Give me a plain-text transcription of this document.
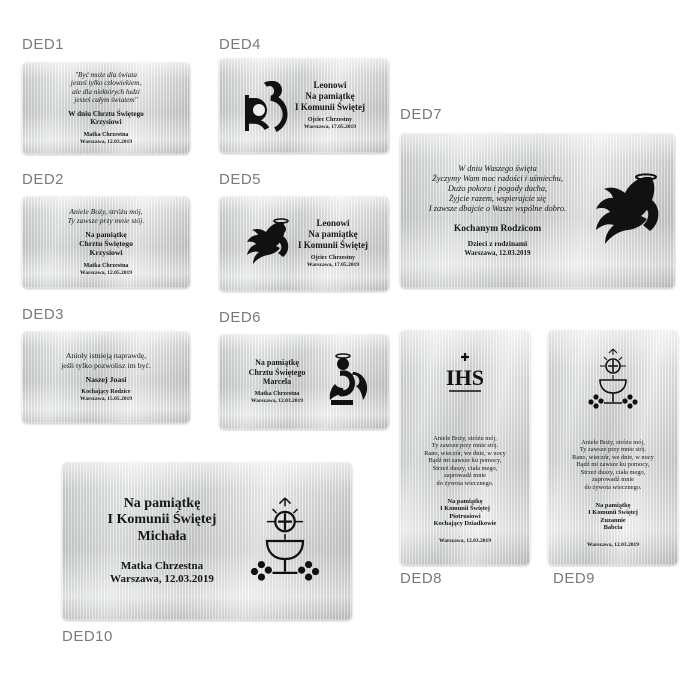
DED1
DED2
DED3
DED4
DED5
DED6
DED7
DED8	DED9
DED10
"Być może dla świata
jesteś tylko człowiekiem,
ale dla niektórych ludzi
jesteś całym światem"
W dniu Chrztu Świętego
Krzysiowi
Matka Chrzestna
Warszawa, 12.03.2019
Aniele Boży, stróżu mój,
Ty zawsze przy mnie stój.
Na pamiątkę
Chrztu Świętego
Krzysiowi
Matka Chrzestna
Warszawa, 12.05.2019
Anioły istnieją naprawdę,
jeśli tylko pozwolisz im być.
Naszej Joasi
Kochający Rodzice
Warszawa, 15.05.2019
Leonowi
Na pamiątkę
I Komunii Świętej
Ojciec Chrzestny
Warszawa, 17.05.2019
Leonowi
Na pamiątkę
I Komunii Świętej
Ojciec Chrzestny
Warszawa, 17.05.2019
Na pamiątkę
Chrztu Świętego
Marcela
Matka Chrzestna
Warszawa, 12.03.2019
W dniu Waszego święta
Życzymy Wam moc radości i uśmiechu,
Dużo pokoru i pogody ducha,
Żyjcie razem, wspierajcie się
I zawsze dbajcie o Wasze wspólne dobro.
Kochanym Rodzicom
Dzieci z rodzinami
Warszawa, 12.03.2019
IHS
Aniele Boży, stróżu mój,
Ty zawsze przy mnie stój.
Rano, wieczór, we dnie, w nocy
Bądź mi zawsze ku pomocy,
Strzeż duszy, ciała mego,
zaprowadź mnie
do żywota wiecznego.
Na pamiątkę
I Komunii Świętej
Piotrusiowi
Kochający Dziadkowie
Warszawa, 12.03.2019
Aniele Boży, stróżu mój,
Ty zawsze przy mnie stój.
Rano, wieczór, we dnie, w nocy
Bądź mi zawsze ku pomocy,
Strzeż duszy, ciała mego,
zaprowadź mnie
do żywota wiecznego.
Na pamiątkę
I Komunii Świętej
Zuzannie
Babcia
Warszawa, 12.03.2019
Na pamiątkę
I Komunii Świętej
Michała
Matka Chrzestna
Warszawa, 12.03.2019
